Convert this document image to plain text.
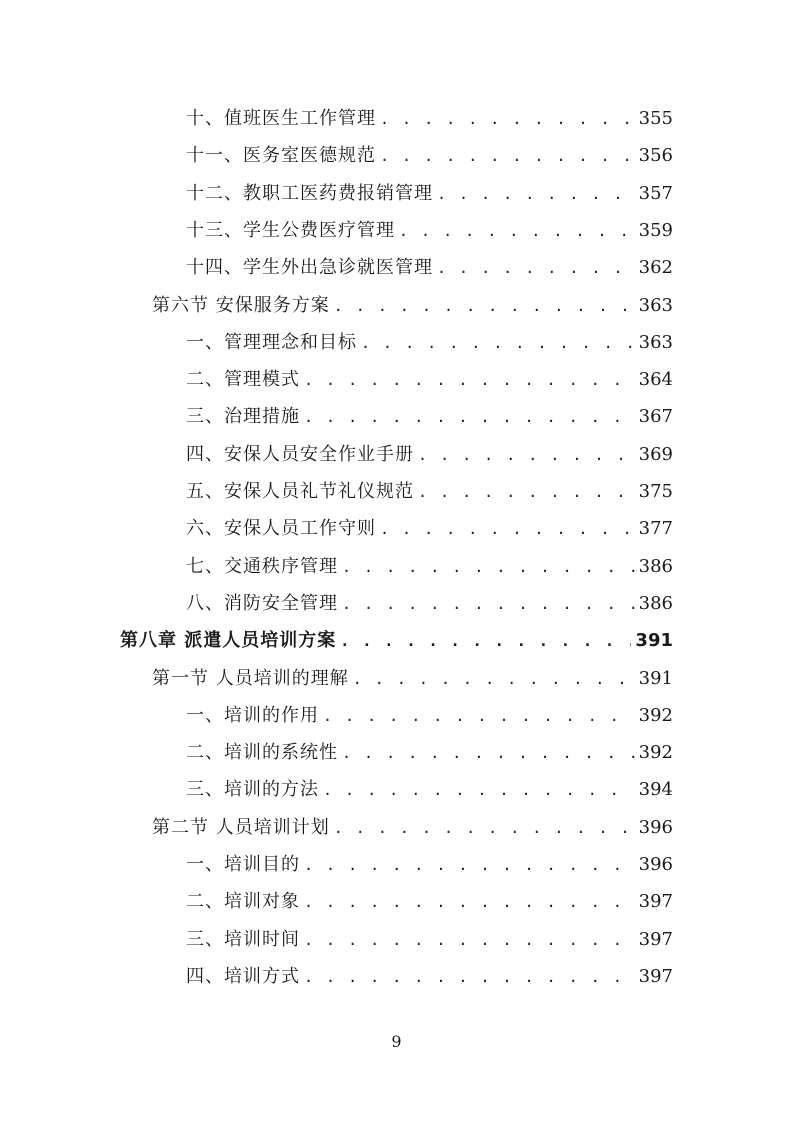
十、值班医生工作管理 . . .	355
十一、医务室医德规范 . . .	356
十二、教职工医药费报销管理 . . .	357
十三、学生公费医疗管理 . . .	359
十四、学生外出急诊就医管理 . . .	362
第六节 安保服务方案 . . .	363
一、管理理念和目标 . . .	363
二、管理模式 . . .	364
三、治理措施 . . .	367
四、安保人员安全作业手册 . . .	369
五、安保人员礼节礼仪规范 . . .	375
六、安保人员工作守则 . . .	377
七、交通秩序管理 . . .	386
八、消防安全管理 . . .	386
第八章 派遣人员培训方案 . . .	391
第一节 人员培训的理解 . . .	391
一、培训的作用 . . .	392
二、培训的系统性 . . .	392
三、培训的方法 . . .	394
第二节 人员培训计划 . . .	396
一、培训目的 . . .	396
二、培训对象 . . .	397
三、培训时间 . . .	397
四、培训方式 . . .	397
9
